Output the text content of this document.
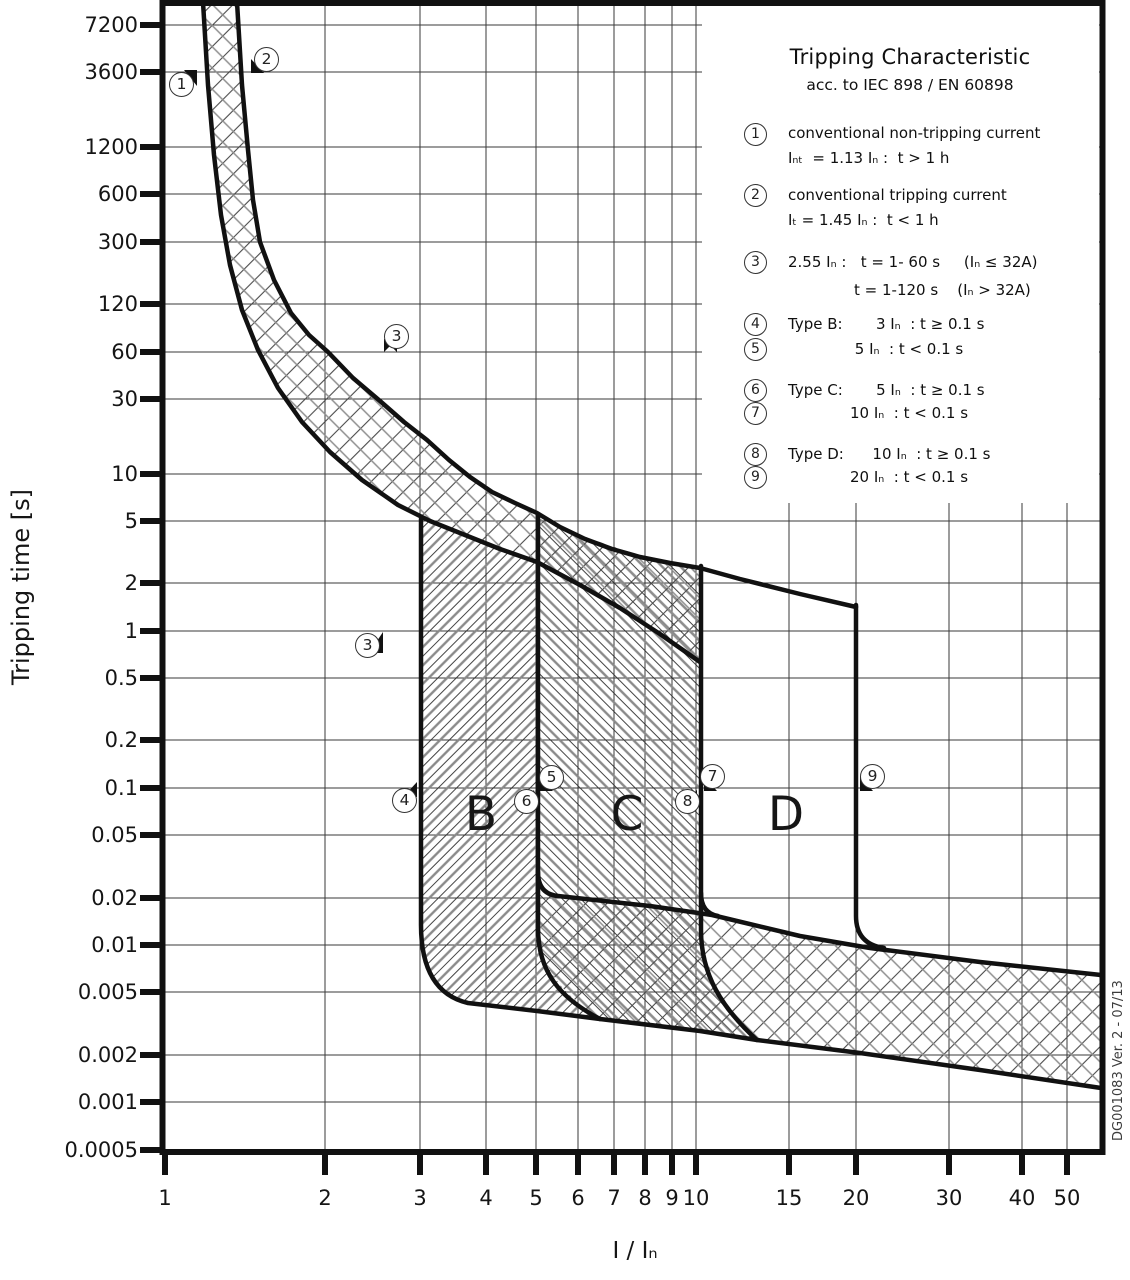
7200
3600
1200
600
300
120
60
30
10
5
2
1
0.5
0.2
0.1
0.05
0.02
0.01
0.005
0.002
0.001
0.0005
1	2	3	4	5	6	7 8 9 10	15	20	30	40 50
Tripping time [s]
I / Iₙ
Tripping Characteristic
acc. to IEC 898 / EN 60898
1	conventional non-tripping current
Iₙₜ  = 1.13 Iₙ :  t > 1 h
2	conventional tripping current
Iₜ = 1.45 Iₙ :  t < 1 h
3	2.55 Iₙ :   t = 1- 60 s     (Iₙ ≤ 32A)
t = 1-120 s    (Iₙ > 32A)
4	Type B:       3 Iₙ  : t ≥ 0.1 s
5	5 Iₙ  : t < 0.1 s
6	Type C:       5 Iₙ  : t ≥ 0.1 s
7	10 Iₙ  : t < 0.1 s
8	Type D:      10 Iₙ  : t ≥ 0.1 s
9	20 Iₙ  : t < 0.1 s
1
2
3
3
4
5
6
7
8
9
B	C	D
DG001083 Ver. 2 - 07/13
